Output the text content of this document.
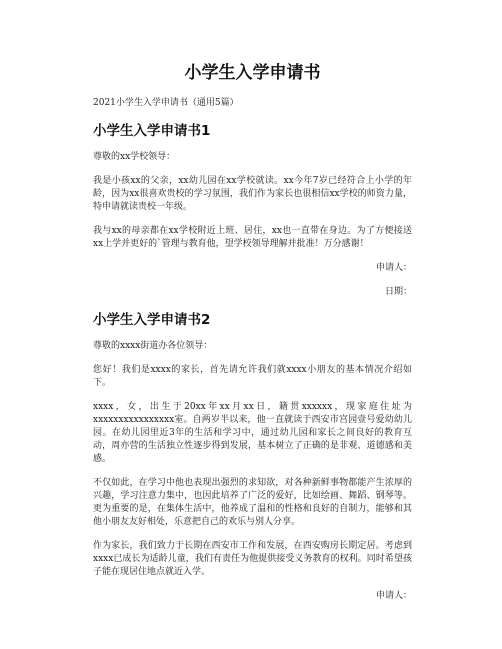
小学生入学申请书

2021小学生入学申请书（通用5篇）

小学生入学申请书1

尊敬的xx学校领导：

我是小孩xx的父亲，xx幼儿园在xx学校就读。xx今年7岁已经符合上小学的年龄，因为xx很喜欢贵校的学习氛围，我们作为家长也很相信xx学校的师资力量，特申请就读贵校一年级。

我与xx的母亲都在xx学校附近上班、居住，xx也一直带在身边。为了方便接送xx上学并更好的`管理与教育他，望学校领导理解并批准！万分感谢！

申请人：

日期：

小学生入学申请书2

尊敬的xxxx街道办各位领导：

您好！我们是xxxx的家长，首先请允许我们就xxxx小朋友的基本情况介绍如下。

xxxx，女，出生于20xx年xx月xx日，籍贯xxxxxx，现家庭住址为xxxxxxxxxxxxxxxx室。自两岁半以来，他一直就读于西安市宫园壹号爱幼幼儿园。在幼儿园里近3年的生活和学习中，通过幼儿园和家长之间良好的教育互动，周亦营的生活独立性逐步得到发展，基本树立了正确的是非观、道德感和美感。

不仅如此，在学习中他也表现出强烈的求知欲，对各种新鲜事物都能产生浓厚的兴趣，学习注意力集中，也因此培养了广泛的爱好，比如绘画、舞蹈、钢琴等。更为重要的是，在集体生活中，他养成了温和的性格和良好的自制力，能够和其他小朋友友好相处，乐意把自己的欢乐与别人分享。

作为家长，我们致力于长期在西安市工作和发展，在西安购房长期定居。考虑到xxxx已成长为适龄儿童，我们有责任为他提供接受义务教育的权利。同时希望孩子能在现居住地点就近入学。

申请人：
